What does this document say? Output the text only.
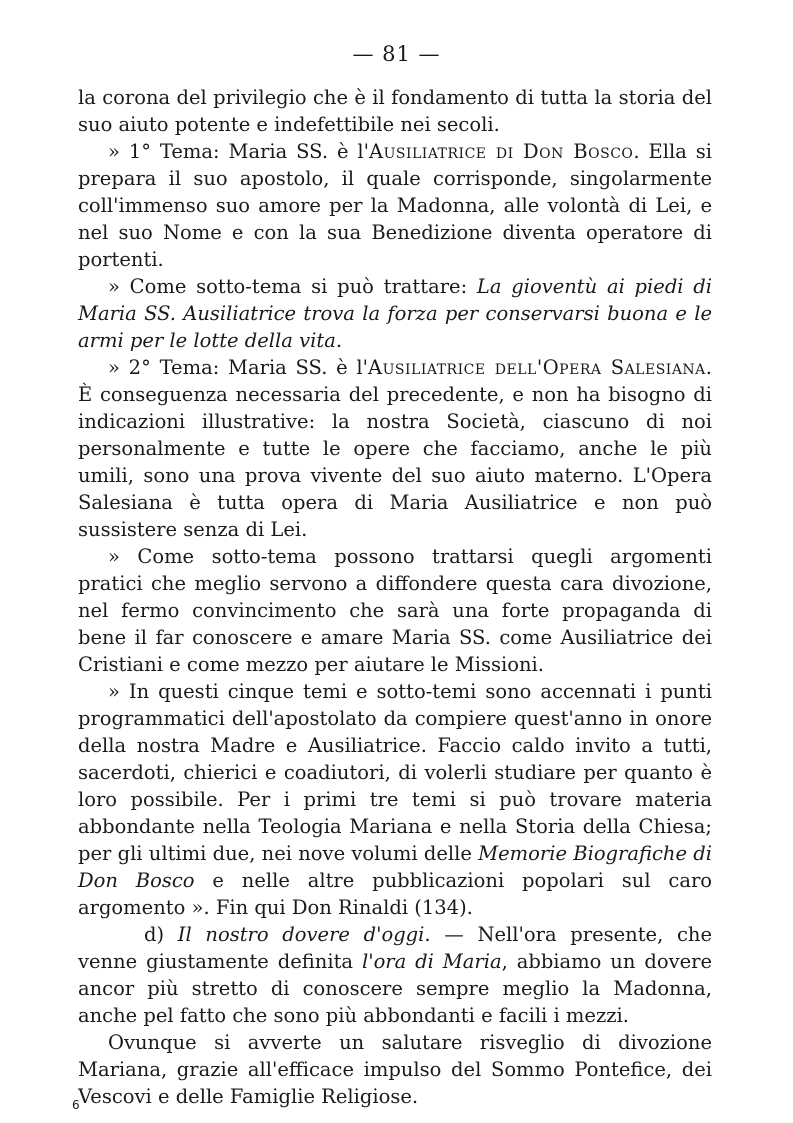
— 81 —

la corona del privilegio che è il fondamento di tutta la storia del suo aiuto potente e indefettibile nei secoli.

» 1° Tema: Maria SS. è l'Ausiliatrice di Don Bosco. Ella si prepara il suo apostolo, il quale corrisponde, singolarmente coll'immenso suo amore per la Madonna, alle volontà di Lei, e nel suo Nome e con la sua Benedizione diventa operatore di portenti.

» Come sotto-tema si può trattare: La gioventù ai piedi di Maria SS. Ausiliatrice trova la forza per conservarsi buona e le armi per le lotte della vita.

» 2° Tema: Maria SS. è l'Ausiliatrice dell'Opera Salesiana. È conseguenza necessaria del precedente, e non ha bisogno di indicazioni illustrative: la nostra Società, ciascuno di noi personalmente e tutte le opere che facciamo, anche le più umili, sono una prova vivente del suo aiuto materno. L'Opera Salesiana è tutta opera di Maria Ausiliatrice e non può sussistere senza di Lei.

» Come sotto-tema possono trattarsi quegli argomenti pratici che meglio servono a diffondere questa cara divozione, nel fermo convincimento che sarà una forte propaganda di bene il far conoscere e amare Maria SS. come Ausiliatrice dei Cristiani e come mezzo per aiutare le Missioni.

» In questi cinque temi e sotto-temi sono accennati i punti programmatici dell'apostolato da compiere quest'anno in onore della nostra Madre e Ausiliatrice. Faccio caldo invito a tutti, sacerdoti, chierici e coadiutori, di volerli studiare per quanto è loro possibile. Per i primi tre temi si può trovare materia abbondante nella Teologia Mariana e nella Storia della Chiesa; per gli ultimi due, nei nove volumi delle Memorie Biografiche di Don Bosco e nelle altre pubblicazioni popolari sul caro argomento ». Fin qui Don Rinaldi (134).

d) Il nostro dovere d'oggi. — Nell'ora presente, che venne giustamente definita l'ora di Maria, abbiamo un dovere ancor più stretto di conoscere sempre meglio la Madonna, anche pel fatto che sono più abbondanti e facili i mezzi.

Ovunque si avverte un salutare risveglio di divozione Mariana, grazie all'efficace impulso del Sommo Pontefice, dei Vescovi e delle Famiglie Religiose.

6
